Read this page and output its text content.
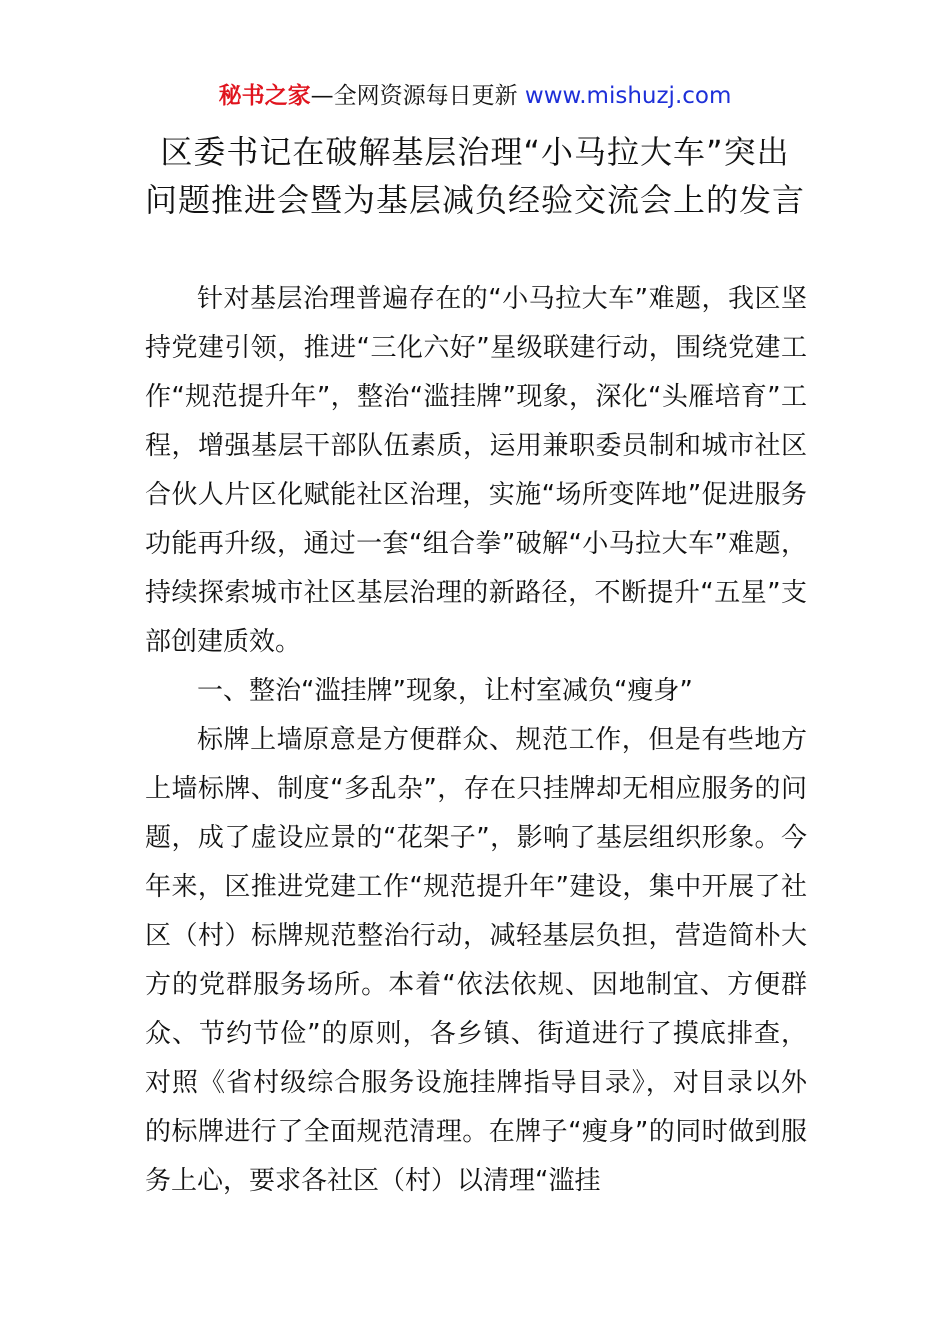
秘书之家—全网资源每日更新 www.mishuzj.com
区委书记在破解基层治理“小马拉大车”突出
问题推进会暨为基层减负经验交流会上的发言

针对基层治理普遍存在的“小马拉大车”难题，我区坚持党建引领，推进“三化六好”星级联建行动，围绕党建工作“规范提升年”，整治“滥挂牌”现象，深化“头雁培育”工程，增强基层干部队伍素质，运用兼职委员制和城市社区合伙人片区化赋能社区治理，实施“场所变阵地”促进服务功能再升级，通过一套“组合拳”破解“小马拉大车”难题，持续探索城市社区基层治理的新路径，不断提升“五星”支部创建质效。

一、整治“滥挂牌”现象，让村室减负“瘦身”

标牌上墙原意是方便群众、规范工作，但是有些地方上墙标牌、制度“多乱杂”，存在只挂牌却无相应服务的问题，成了虚设应景的“花架子”，影响了基层组织形象。今年来，区推进党建工作“规范提升年”建设，集中开展了社区（村）标牌规范整治行动，减轻基层负担，营造简朴大方的党群服务场所。本着“依法依规、因地制宜、方便群众、节约节俭”的原则，各乡镇、街道进行了摸底排查，对照《省村级综合服务设施挂牌指导目录》，对目录以外的标牌进行了全面规范清理。在牌子“瘦身”的同时做到服务上心，要求各社区（村）以清理“滥挂
